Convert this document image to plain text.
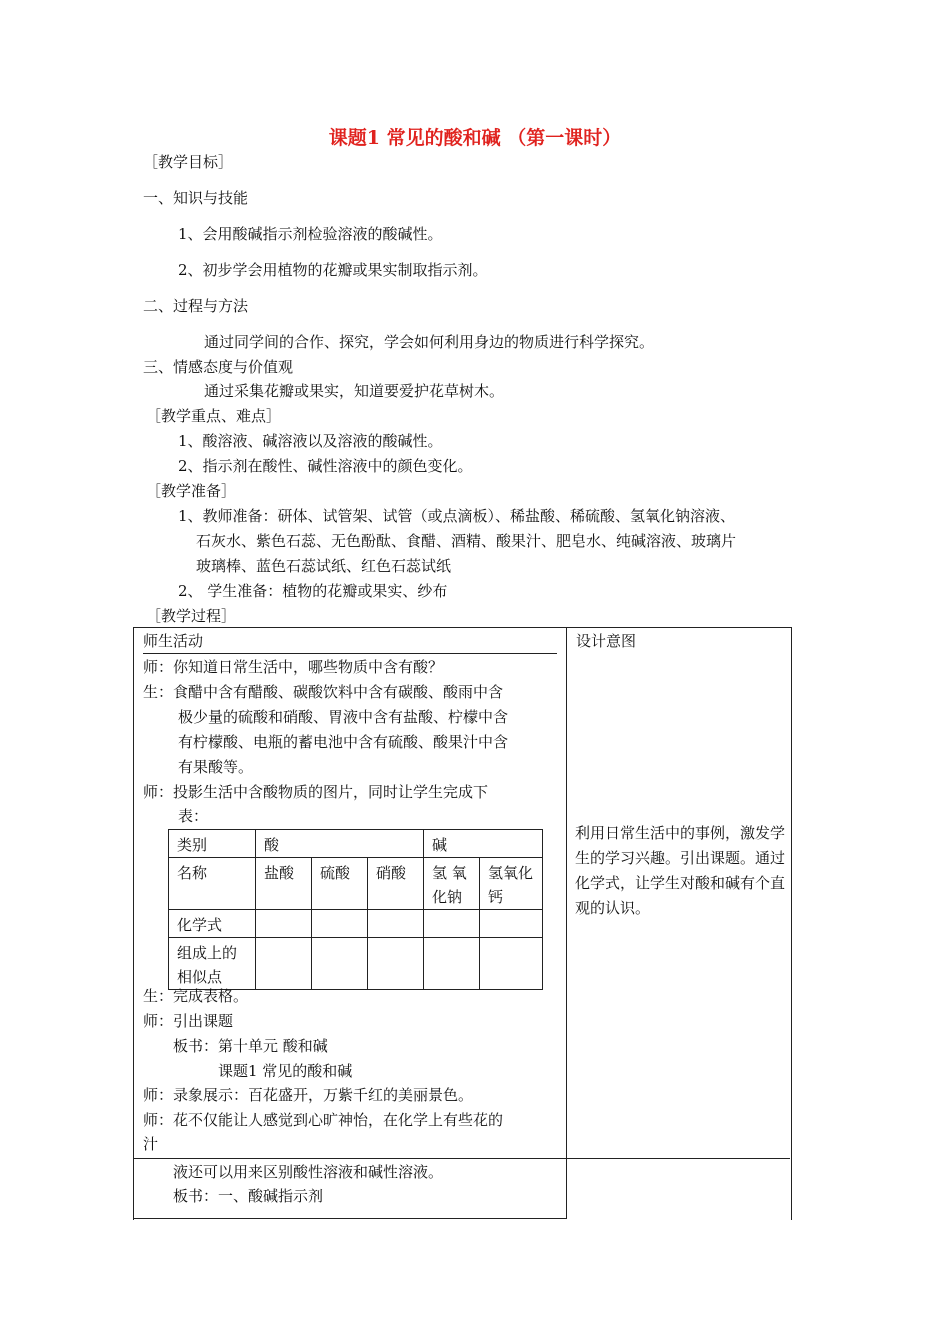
课题1 常见的酸和碱 （第一课时）
［教学目标］
一、知识与技能
1、会用酸碱指示剂检验溶液的酸碱性。
2、初步学会用植物的花瓣或果实制取指示剂。
二、过程与方法
通过同学间的合作、探究，学会如何利用身边的物质进行科学探究。
三、情感态度与价值观
通过采集花瓣或果实，知道要爱护花草树木。
［教学重点、难点］
1、酸溶液、碱溶液以及溶液的酸碱性。
2、指示剂在酸性、碱性溶液中的颜色变化。
［教学准备］
1、教师准备：研体、试管架、试管（或点滴板）、稀盐酸、稀硫酸、氢氧化钠溶液、
石灰水、紫色石蕊、无色酚酞、食醋、酒精、酸果汁、肥皂水、纯碱溶液、玻璃片
玻璃棒、蓝色石蕊试纸、红色石蕊试纸
2、 学生准备：植物的花瓣或果实、纱布
［教学过程］
师生活动	设计意图
师：你知道日常生活中，哪些物质中含有酸？
生：食醋中含有醋酸、碳酸饮料中含有碳酸、酸雨中含
极少量的硫酸和硝酸、胃液中含有盐酸、柠檬中含
有柠檬酸、电瓶的蓄电池中含有硫酸、酸果汁中含
有果酸等。
师：投影生活中含酸物质的图片，同时让学生完成下
表：
类别	酸			碱	
名称	盐酸	硫酸	硝酸	氢 氧化钠	氢氧化钙
化学式					
组成上的相似点					
生：完成表格。
师：引出课题
板书：第十单元 酸和碱
课题1 常见的酸和碱
师：录象展示：百花盛开，万紫千红的美丽景色。
师：花不仅能让人感觉到心旷神怡，在化学上有些花的
汁
利用日常生活中的事例，激发学生的学习兴趣。引出课题。通过化学式，让学生对酸和碱有个直观的认识。
液还可以用来区别酸性溶液和碱性溶液。
板书：一、酸碱指示剂
